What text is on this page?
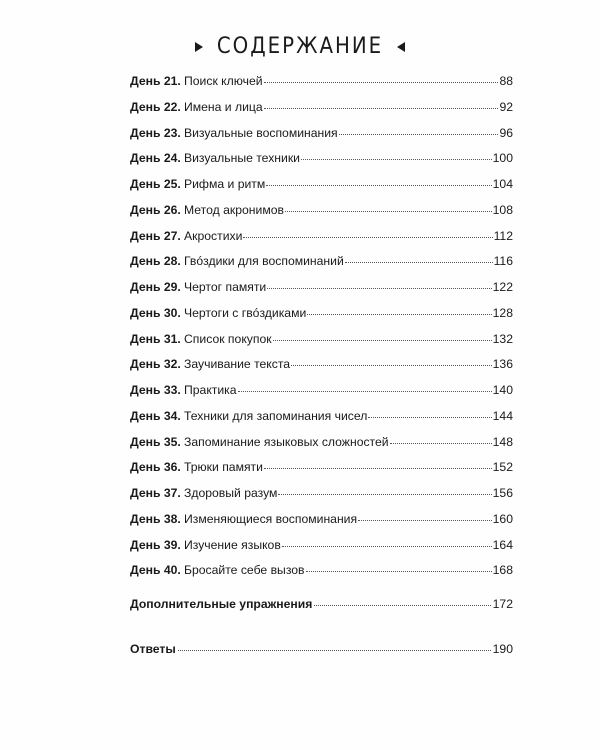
СОДЕРЖАНИЕ
День 21. Поиск ключей	88
День 22. Имена и лица	92
День 23. Визуальные воспоминания	96
День 24. Визуальные техники	100
День 25. Рифма и ритм	104
День 26. Метод акронимов	108
День 27. Акростихи	112
День 28. Гвóздики для воспоминаний	116
День 29. Чертог памяти	122
День 30. Чертоги с гвóздиками	128
День 31. Список покупок	132
День 32. Заучивание текста	136
День 33. Практика	140
День 34. Техники для запоминания чисел	144
День 35. Запоминание языковых сложностей	148
День 36. Трюки памяти	152
День 37. Здоровый разум	156
День 38. Изменяющиеся воспоминания	160
День 39. Изучение языков	164
День 40. Бросайте себе вызов	168
Дополнительные упражнения	172
Ответы	190
